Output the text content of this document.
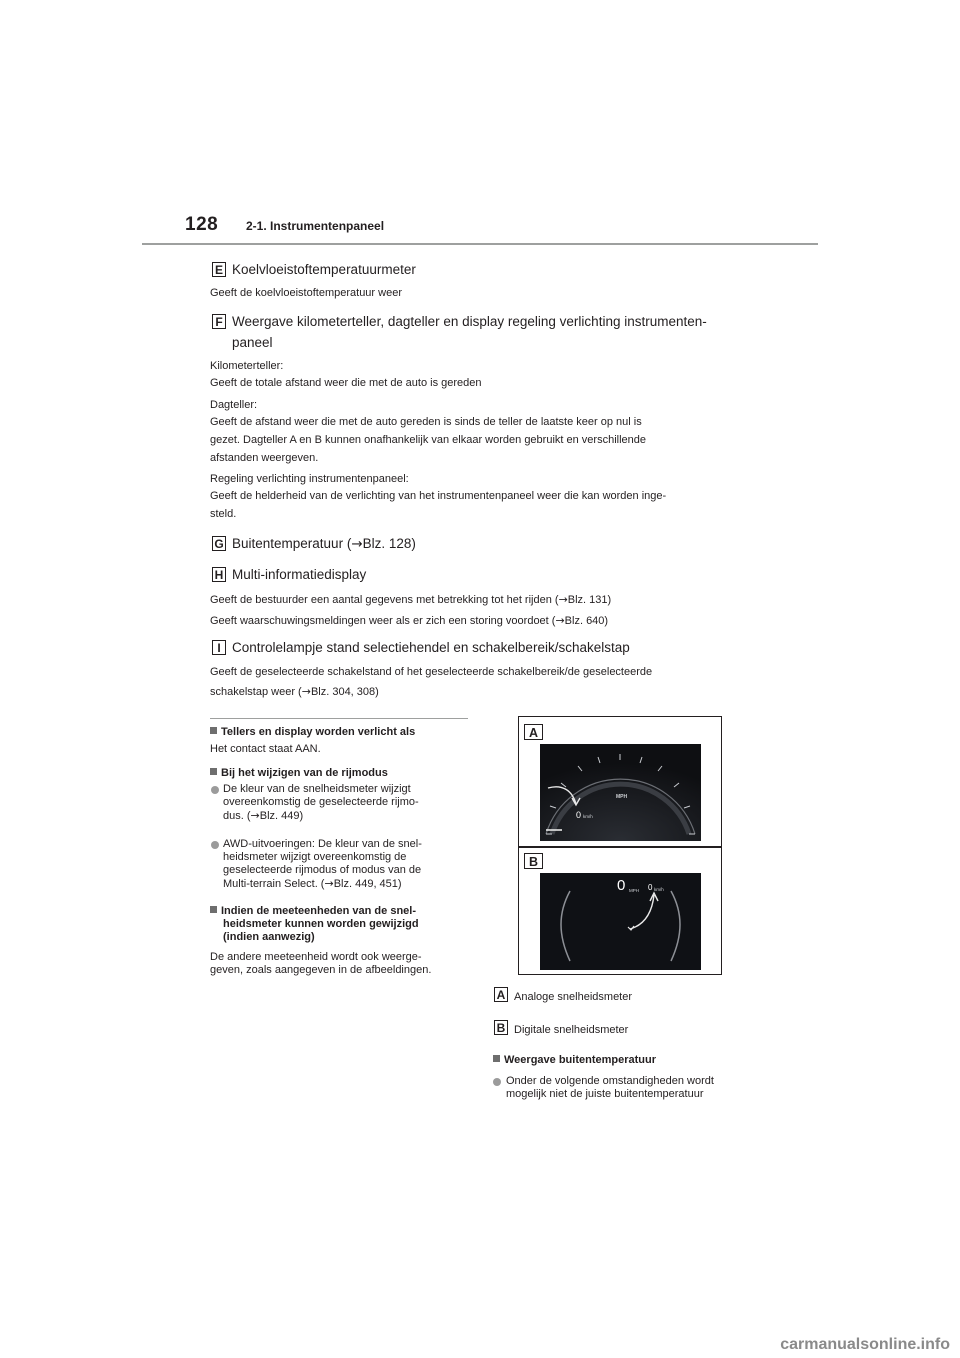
128 2-1. Instrumentenpaneel
E Koelvloeistoftemperatuurmeter
Geeft de koelvloeistoftemperatuur weer
F Weergave kilometerteller, dagteller en display regeling verlichting instrumenten-
paneel
Kilometerteller:
Geeft de totale afstand weer die met de auto is gereden
Dagteller:
Geeft de afstand weer die met de auto gereden is sinds de teller de laatste keer op nul is
gezet. Dagteller A en B kunnen onafhankelijk van elkaar worden gebruikt en verschillende
afstanden weergeven.
Regeling verlichting instrumentenpaneel:
Geeft de helderheid van de verlichting van het instrumentenpaneel weer die kan worden inge-
steld.
G Buitentemperatuur (→Blz. 128)
H Multi-informatiedisplay
Geeft de bestuurder een aantal gegevens met betrekking tot het rijden (→Blz. 131)
Geeft waarschuwingsmeldingen weer als er zich een storing voordoet (→Blz. 640)
I Controlelampje stand selectiehendel en schakelbereik/schakelstap
Geeft de geselecteerde schakelstand of het geselecteerde schakelbereik/de geselecteerde
schakelstap weer (→Blz. 304, 308)
Tellers en display worden verlicht als
Het contact staat AAN.
Bij het wijzigen van de rijmodus
De kleur van de snelheidsmeter wijzigt
overeenkomstig de geselecteerde rijmo-
dus. (→Blz. 449)
AWD-uitvoeringen: De kleur van de snel-
heidsmeter wijzigt overeenkomstig de
geselecteerde rijmodus of modus van de
Multi-terrain Select. (→Blz. 449, 451)
Indien de meeteenheden van de snel-
heidsmeter kunnen worden gewijzigd
(indien aanwezig)
De andere meeteenheid wordt ook weerge-
geven, zoals aangegeven in de afbeeldingen.
A
B
MPH
0 km/h
0 MPH 0 km/h
A Analoge snelheidsmeter
B Digitale snelheidsmeter
Weergave buitentemperatuur
Onder de volgende omstandigheden wordt
mogelijk niet de juiste buitentemperatuur
carmanualsonline.info
